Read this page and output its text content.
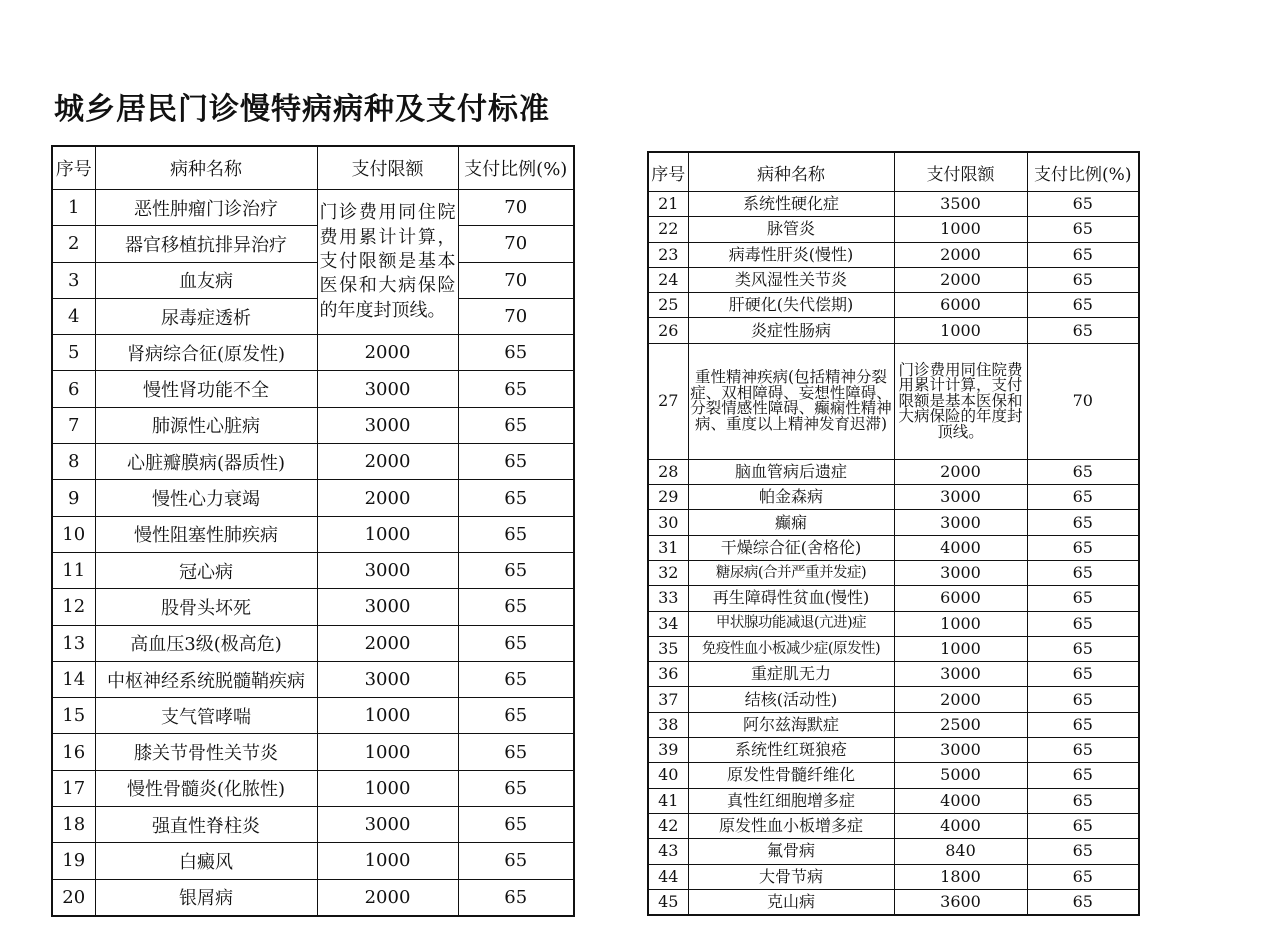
城乡居民门诊慢特病病种及支付标准
序号	病种名称	支付限额	支付比例(%)
1	恶性肿瘤门诊治疗	门诊费用同住院费用累计计算，支付限额是基本医保和大病保险的年度封顶线。	70
2	器官移植抗排异治疗		70
3	血友病		70
4	尿毒症透析		70
5	肾病综合征(原发性)	2000	65
6	慢性肾功能不全	3000	65
7	肺源性心脏病	3000	65
8	心脏瓣膜病(器质性)	2000	65
9	慢性心力衰竭	2000	65
10	慢性阻塞性肺疾病	1000	65
11	冠心病	3000	65
12	股骨头坏死	3000	65
13	高血压3级(极高危)	2000	65
14	中枢神经系统脱髓鞘疾病	3000	65
15	支气管哮喘	1000	65
16	膝关节骨性关节炎	1000	65
17	慢性骨髓炎(化脓性)	1000	65
18	强直性脊柱炎	3000	65
19	白癜风	1000	65
20	银屑病	2000	65
序号	病种名称	支付限额	支付比例(%)
21	系统性硬化症	3500	65
22	脉管炎	1000	65
23	病毒性肝炎(慢性)	2000	65
24	类风湿性关节炎	2000	65
25	肝硬化(失代偿期)	6000	65
26	炎症性肠病	1000	65
27	重性精神疾病(包括精神分裂症、双相障碍、妄想性障碍、分裂情感性障碍、癫痫性精神病、重度以上精神发育迟滞)	门诊费用同住院费用累计计算，支付限额是基本医保和大病保险的年度封顶线。	70
28	脑血管病后遗症	2000	65
29	帕金森病	3000	65
30	癫痫	3000	65
31	干燥综合征(舍格伦)	4000	65
32	糖尿病(合并严重并发症)	3000	65
33	再生障碍性贫血(慢性)	6000	65
34	甲状腺功能减退(亢进)症	1000	65
35	免疫性血小板减少症(原发性)	1000	65
36	重症肌无力	3000	65
37	结核(活动性)	2000	65
38	阿尔兹海默症	2500	65
39	系统性红斑狼疮	3000	65
40	原发性骨髓纤维化	5000	65
41	真性红细胞增多症	4000	65
42	原发性血小板增多症	4000	65
43	氟骨病	840	65
44	大骨节病	1800	65
45	克山病	3600	65
